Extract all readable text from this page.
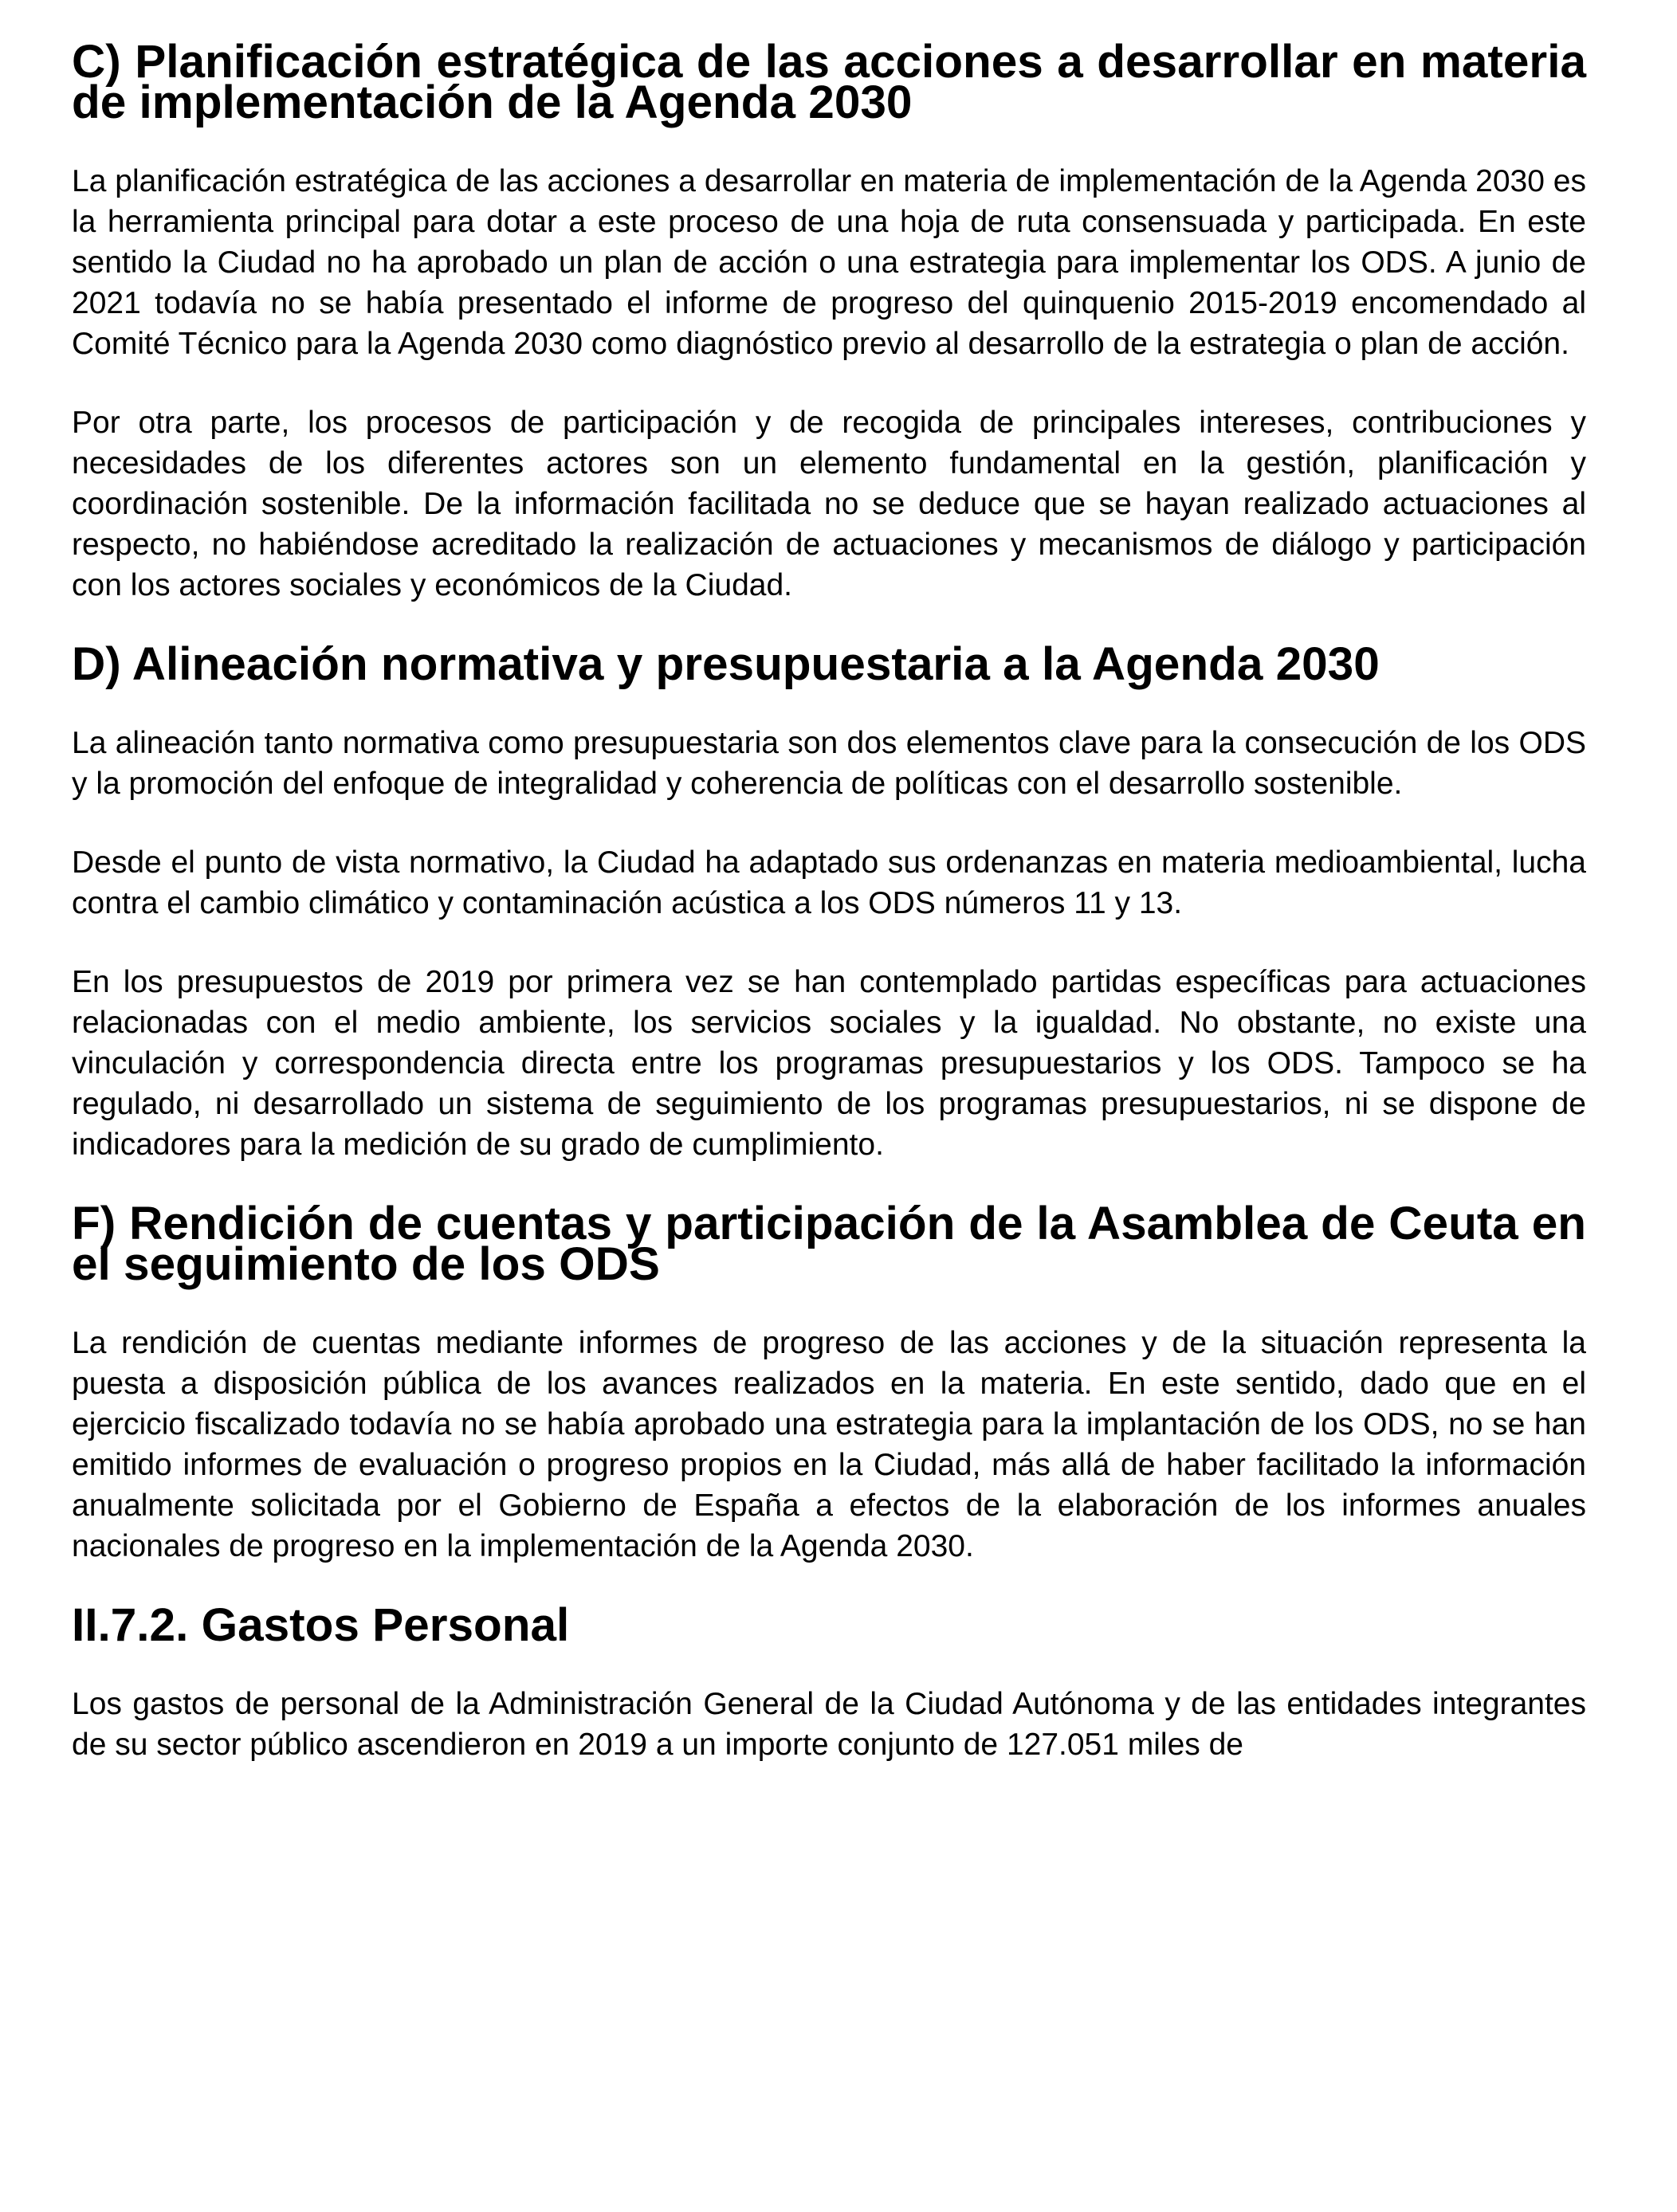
C) Planificación estratégica de las acciones a desarrollar en materia de implementación de la Agenda 2030

La planificación estratégica de las acciones a desarrollar en materia de implementación de la Agenda 2030 es la herramienta principal para dotar a este proceso de una hoja de ruta consensuada y participada. En este sentido la Ciudad no ha aprobado un plan de acción o una estrategia para implementar los ODS. A junio de 2021 todavía no se había presentado el informe de progreso del quinquenio 2015-2019 encomendado al Comité Técnico para la Agenda 2030 como diagnóstico previo al desarrollo de la estrategia o plan de acción.

Por otra parte, los procesos de participación y de recogida de principales intereses, contribuciones y necesidades de los diferentes actores son un elemento fundamental en la gestión, planificación y coordinación sostenible. De la información facilitada no se deduce que se hayan realizado actuaciones al respecto, no habiéndose acreditado la realización de actuaciones y mecanismos de diálogo y participación con los actores sociales y económicos de la Ciudad.

D) Alineación normativa y presupuestaria a la Agenda 2030

La alineación tanto normativa como presupuestaria son dos elementos clave para la consecución de los ODS y la promoción del enfoque de integralidad y coherencia de políticas con el desarrollo sostenible.

Desde el punto de vista normativo, la Ciudad ha adaptado sus ordenanzas en materia medioambiental, lucha contra el cambio climático y contaminación acústica a los ODS números 11 y 13.

En los presupuestos de 2019 por primera vez se han contemplado partidas específicas para actuaciones relacionadas con el medio ambiente, los servicios sociales y la igualdad. No obstante, no existe una vinculación y correspondencia directa entre los programas presupuestarios y los ODS. Tampoco se ha regulado, ni desarrollado un sistema de seguimiento de los programas presupuestarios, ni se dispone de indicadores para la medición de su grado de cumplimiento.

F) Rendición de cuentas y participación de la Asamblea de Ceuta en el seguimiento de los ODS

La rendición de cuentas mediante informes de progreso de las acciones y de la situación representa la puesta a disposición pública de los avances realizados en la materia. En este sentido, dado que en el ejercicio fiscalizado todavía no se había aprobado una estrategia para la implantación de los ODS, no se han emitido informes de evaluación o progreso propios en la Ciudad, más allá de haber facilitado la información anualmente solicitada por el Gobierno de España a efectos de la elaboración de los informes anuales nacionales de progreso en la implementación de la Agenda 2030.

II.7.2. Gastos Personal

Los gastos de personal de la Administración General de la Ciudad Autónoma y de las entidades integrantes de su sector público ascendieron en 2019 a un importe conjunto de 127.051 miles de
